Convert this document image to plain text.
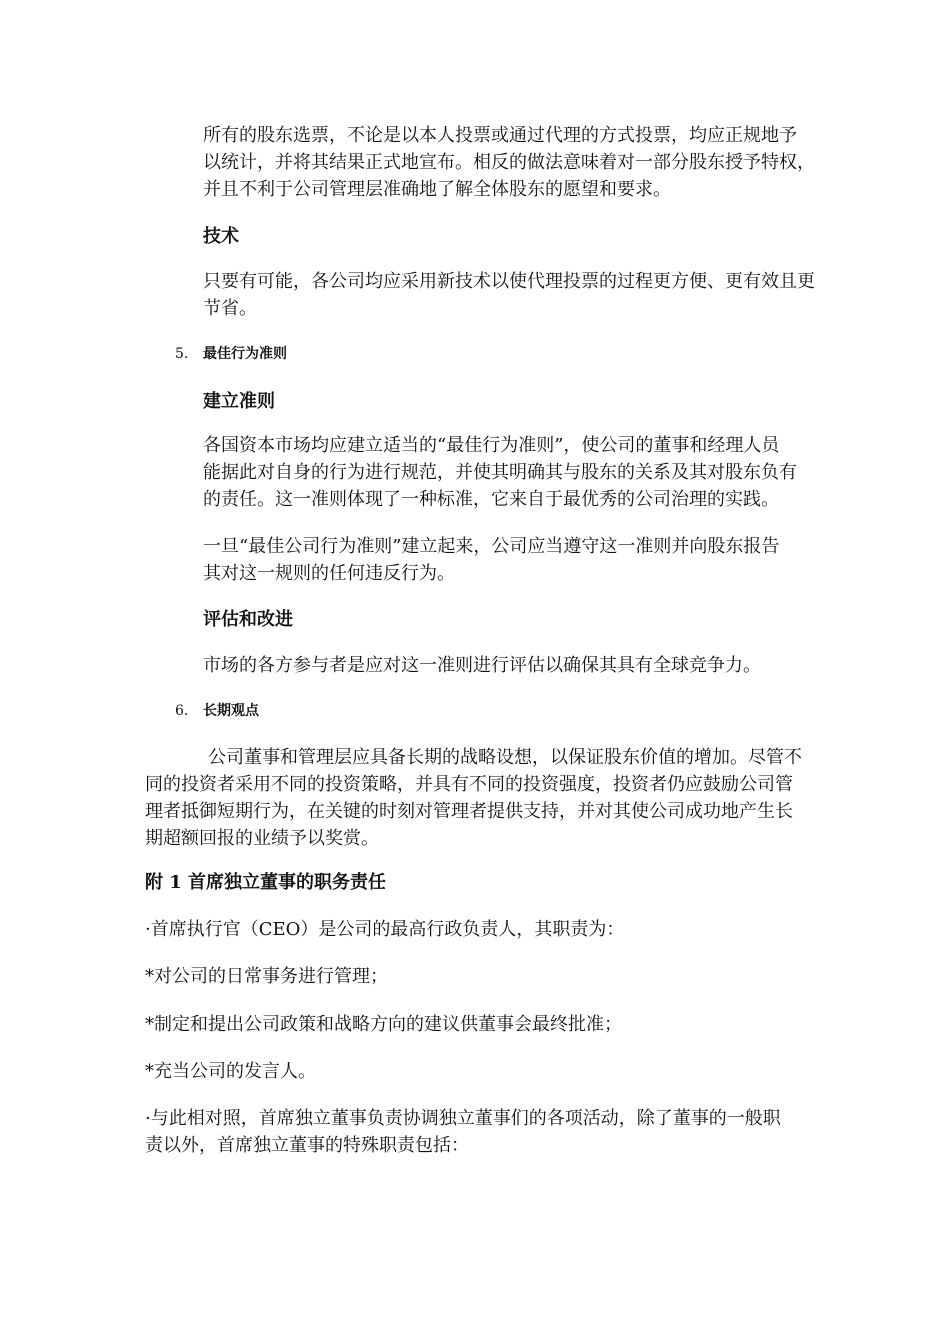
所有的股东选票，不论是以本人投票或通过代理的方式投票，均应正规地予

以统计，并将其结果正式地宣布。相反的做法意味着对一部分股东授予特权，

并且不利于公司管理层准确地了解全体股东的愿望和要求。

技术

只要有可能，各公司均应采用新技术以使代理投票的过程更方便、更有效且更

节省。

5. 最佳行为准则

建立准则

各国资本市场均应建立适当的“最佳行为准则”，使公司的董事和经理人员

能据此对自身的行为进行规范，并使其明确其与股东的关系及其对股东负有

的责任。这一准则体现了一种标准，它来自于最优秀的公司治理的实践。

一旦“最佳公司行为准则”建立起来，公司应当遵守这一准则并向股东报告

其对这一规则的任何违反行为。

评估和改进

市场的各方参与者是应对这一准则进行评估以确保其具有全球竞争力。

6. 长期观点

公司董事和管理层应具备长期的战略设想，以保证股东价值的增加。尽管不

同的投资者采用不同的投资策略，并具有不同的投资强度，投资者仍应鼓励公司管

理者抵御短期行为，在关键的时刻对管理者提供支持，并对其使公司成功地产生长

期超额回报的业绩予以奖赏。

附 1 首席独立董事的职务责任

·首席执行官（CEO）是公司的最高行政负责人，其职责为：

*对公司的日常事务进行管理；

*制定和提出公司政策和战略方向的建议供董事会最终批准；

*充当公司的发言人。

·与此相对照，首席独立董事负责协调独立董事们的各项活动，除了董事的一般职

责以外，首席独立董事的特殊职责包括：
